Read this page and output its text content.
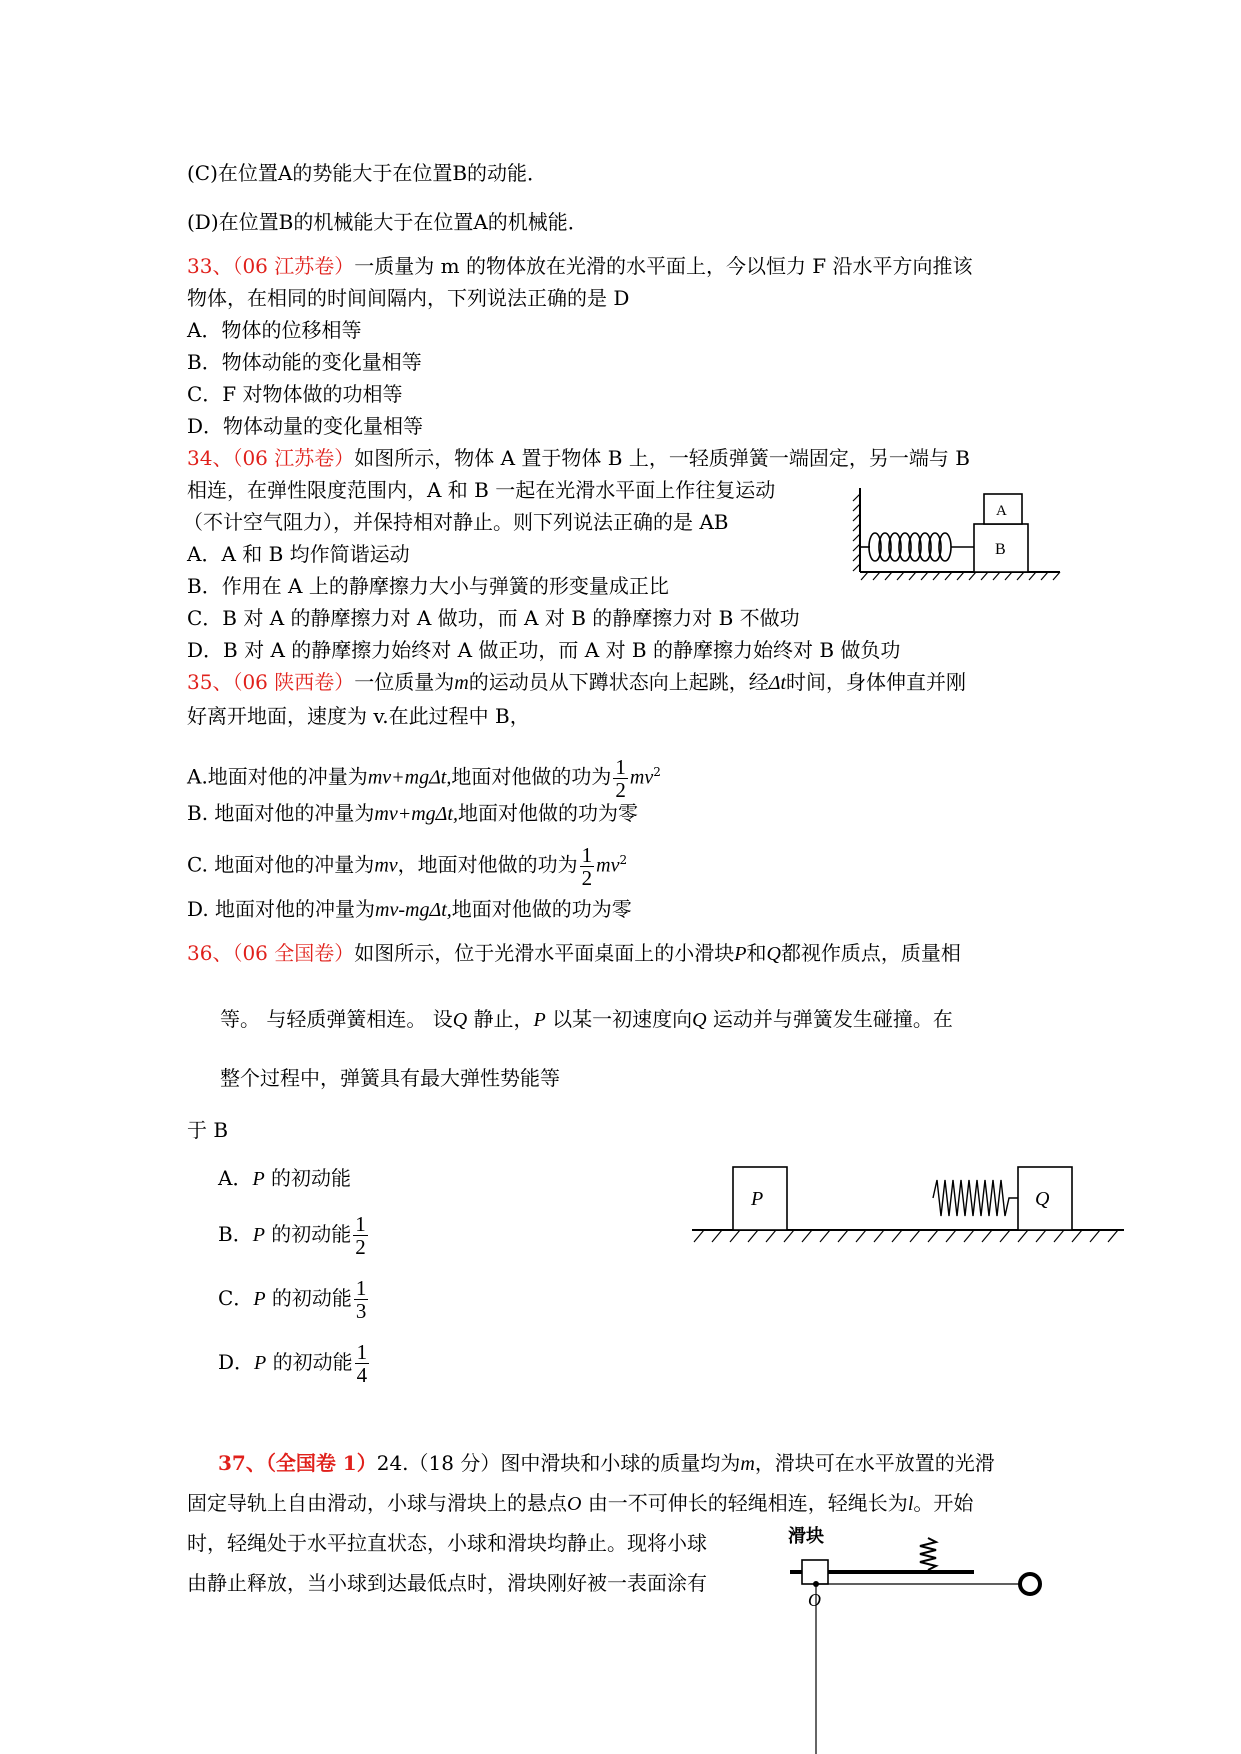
(C)在位置A的势能大于在位置B的动能．
(D)在位置B的机械能大于在位置A的机械能．
33、（06 江苏卷）一质量为 m 的物体放在光滑的水平面上，今以恒力 F 沿水平方向推该
物体，在相同的时间间隔内，下列说法正确的是 D
A．物体的位移相等
B．物体动能的变化量相等
C．F 对物体做的功相等
D．物体动量的变化量相等
34、（06 江苏卷）如图所示，物体 A 置于物体 B 上，一轻质弹簧一端固定，另一端与 B
相连，在弹性限度范围内，A 和 B 一起在光滑水平面上作往复运动
（不计空气阻力），并保持相对静止。则下列说法正确的是 AB
A．A 和 B 均作简谐运动
B．作用在 A 上的静摩擦力大小与弹簧的形变量成正比
C．B 对 A 的静摩擦力对 A 做功，而 A 对 B 的静摩擦力对 B 不做功
D．B 对 A 的静摩擦力始终对 A 做正功，而 A 对 B 的静摩擦力始终对 B 做负功
B
A
35、（06 陕西卷）一位质量为m的运动员从下蹲状态向上起跳，经Δt时间，身体伸直并刚
好离开地面，速度为 v.在此过程中 B，
A.地面对他的冲量为mv+mgΔt,地面对他做的功为 $\frac{1}{2} mv^2$
B. 地面对他的冲量为mv+mgΔt,地面对他做的功为零
C. 地面对他的冲量为mv，地面对他做的功为 $\frac{1}{2} mv^2$
D. 地面对他的冲量为mv-mgΔt,地面对他做的功为零
36、（06 全国卷）如图所示，位于光滑水平面桌面上的小滑块P和Q都视作质点，质量相
等。 与轻质弹簧相连。 设Q 静止，P 以某一初速度向Q 运动并与弹簧发生碰撞。在
整个过程中，弹簧具有最大弹性势能等
于 B
A．P 的初动能
B．P 的初动能 $\frac{1}{2}$
C．P 的初动能 $\frac{1}{3}$
D．P 的初动能 $\frac{1}{4}$
P	Q
37、（全国卷 1）24.（18 分）图中滑块和小球的质量均为m，滑块可在水平放置的光滑
固定导轨上自由滑动，小球与滑块上的悬点O 由一不可伸长的轻绳相连，轻绳长为l。开始
时，轻绳处于水平拉直状态，小球和滑块均静止。现将小球
由静止释放，当小球到达最低点时，滑块刚好被一表面涂有
滑块
O
